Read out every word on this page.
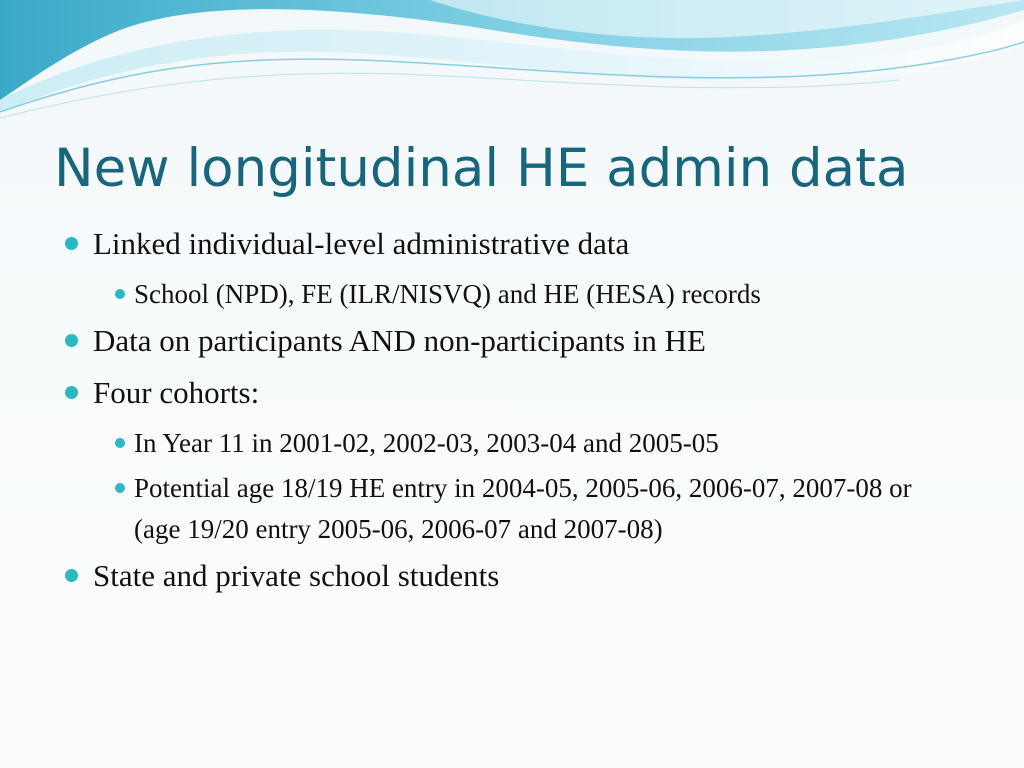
New longitudinal HE admin data
Linked individual-level administrative data
School (NPD), FE (ILR/NISVQ) and HE (HESA) records
Data on participants AND non-participants in HE
Four cohorts:
In Year 11 in 2001-02, 2002-03, 2003-04 and 2005-05
Potential age 18/19 HE entry in 2004-05, 2005-06, 2006-07, 2007-08 or (age 19/20 entry 2005-06, 2006-07 and 2007-08)
State and private school students
